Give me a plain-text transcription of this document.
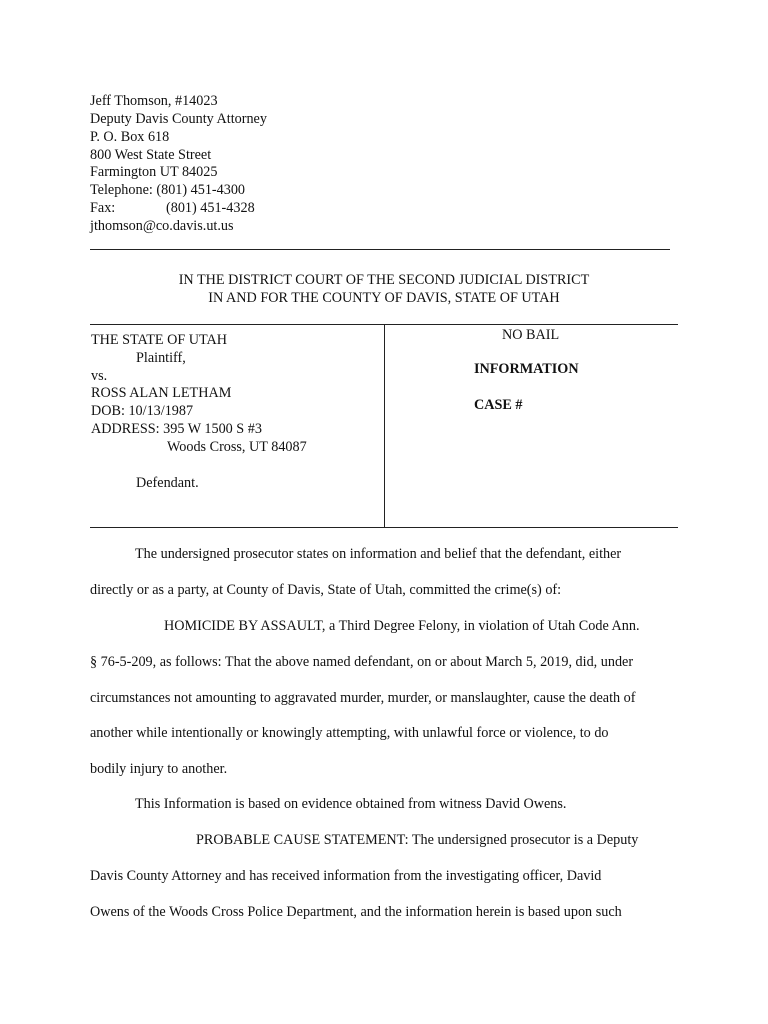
Jeff Thomson, #14023
Deputy Davis County Attorney
P. O. Box 618
800 West State Street
Farmington UT 84025
Telephone: (801) 451-4300
Fax:	(801) 451-4328
jthomson@co.davis.ut.us
IN THE DISTRICT COURT OF THE SECOND JUDICIAL DISTRICT
IN AND FOR THE COUNTY OF DAVIS, STATE OF UTAH
THE STATE OF UTAH
Plaintiff,
vs.
ROSS ALAN LETHAM
DOB: 10/13/1987
ADDRESS: 395 W 1500 S #3
Woods Cross, UT 84087
Defendant.
NO BAIL
INFORMATION
CASE #
The undersigned prosecutor states on information and belief that the defendant, either
directly or as a party, at County of Davis, State of Utah, committed the crime(s) of:
HOMICIDE BY ASSAULT, a Third Degree Felony, in violation of Utah Code Ann.
§ 76-5-209, as follows: That the above named defendant, on or about March 5, 2019, did, under
circumstances not amounting to aggravated murder, murder, or manslaughter, cause the death of
another while intentionally or knowingly attempting, with unlawful force or violence, to do
bodily injury to another.
This Information is based on evidence obtained from witness David Owens.
PROBABLE CAUSE STATEMENT: The undersigned prosecutor is a Deputy
Davis County Attorney and has received information from the investigating officer, David
Owens of the Woods Cross Police Department, and the information herein is based upon such
